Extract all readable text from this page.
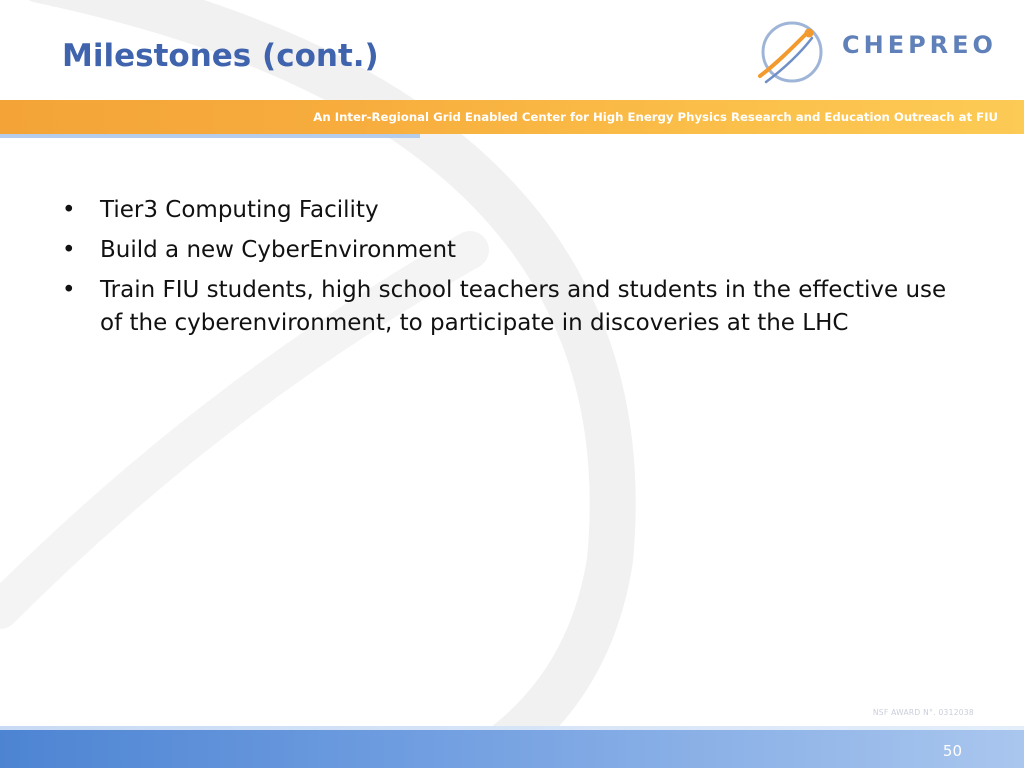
Milestones (cont.)	CHEPREO
An Inter-Regional Grid Enabled Center for High Energy Physics Research and Education Outreach at FIU
• Tier3 Computing Facility
• Build a new CyberEnvironment
• Train FIU students, high school teachers and students in the effective use of the cyberenvironment, to participate in discoveries at the LHC
NSF AWARD N°. 0312038
50
